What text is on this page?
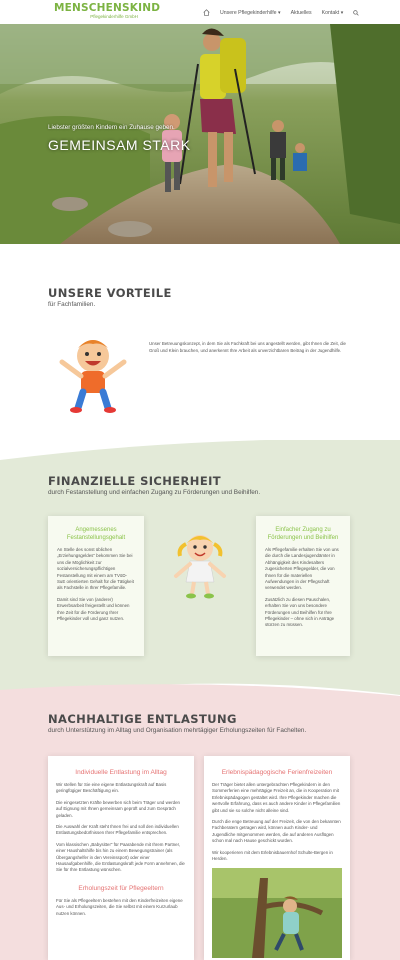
MENSCHENSKIND
Pflegekinderhilfe GmbH
Unsere Pflegekinderhilfe ▾ Aktuelles Kontakt ▾
Liebster größten Kindern ein Zuhause geben.
GEMEINSAM STARK
UNSERE VORTEILE
für Fachfamilien.
Unser Betreuungskonzept, in dem Sie als Fachkraft bei uns angestellt werden, gibt Ihnen die Zeit, die Groß und Klein brauchen, und anerkennt Ihre Arbeit als unverzichtbaren Beitrag in der Jugendhilfe.
FINANZIELLE SICHERHEIT
durch Festanstellung und einfachen Zugang zu Förderungen und Beihilfen.
Angemessenes Festanstellungsgehalt

An Stelle des sonst üblichen „Erziehungsgeldes" bekommen Sie bei uns die Möglichkeit zur sozialversicherungspflichtigen Festanstellung mit einem am TVöD-SuE orientierten Gehalt für die Tätigkeit als Fachstelle in Ihrer Pflegefamilie.

Damit sind Sie von (anderer) Erwerbsarbeit freigestellt und können Ihre Zeit für die Förderung Ihrer Pflegekinder voll und ganz nutzen.

Einfacher Zugang zu Förderungen und Beihilfen

Als Pflegefamilie erhalten Sie von uns die durch die Landesjugendämter in Abhängigkeit des Kindesalters zugesicherten Pflegegelder, die von Ihnen für die materiellen Aufwendungen in der Pflegschaft verwendet werden.

Zusätzlich zu diesen Pauschalen, erhalten Sie von uns besondere Förderungen und Beihilfen für Ihre Pflegekinder – ohne sich in Anträge stürzen zu müssen.

NACHHALTIGE ENTLASTUNG
durch Unterstützung im Alltag und Organisation mehrtägiger Erholungszeiten für Fachelten.
Individuelle Entlastung im Alltag

Wir stellen für Sie eine eigene Entlastungskraft auf Basis geringfügiger Beschäftigung ein.

Die eingesetzten Kräfte bewerben sich beim Träger und werden auf Eignung mit Ihnen gemeinsam geprüft und zum Gespräch geladen.

Die Auswahl der Kraft steht Ihnen frei und soll den individuellen Entlastungsbedürfnissen Ihrer Pflegefamilie entsprechen.

Vom klassischen „Babysitter" für Paarabende mit Ihrem Partner, einer Haushaltshilfe bis hin zu einem Bewegungstrainer (als Übergangshelfer in den Vereinssport) oder einer Hausaufgabenhilfe, die Entlastungskraft jede Form annehmen, die Sie für Ihre Entlastung wünschen.

Erholungszeit für Pflegeeltern

Für Sie als Pflegeeltern bestehen mit den Kinderfreizeiten eigene Aus- und Erholungszeiten, die Sie selbst mit einem Kurzurlaub nutzen können.

Erlebnispädagogische Ferienfreizeiten

Der Träger bietet allen untergebrachten Pflegekindern in den Sommerferien eine mehrtägige Freizeit an, die in Kooperation mit Erlebnispädagogen gestaltet wird. Ihre Pflegekinder machen die wertvolle Erfahrung, dass es auch andere Kinder in Pflegefamilien gibt und sie so solche nicht alleine sind.

Durch die enge Betreuung auf der Freizeit, die von den bekannten Fachberatern getragen wird, können auch Kinder- und Jugendliche mitgenommen werden, die auf anderen Ausflügen schon mal nach Hause geschickt wurden.

Wir kooperieren mit dem Erlebnisbauernhof Schulte-Bergen in Herden.
